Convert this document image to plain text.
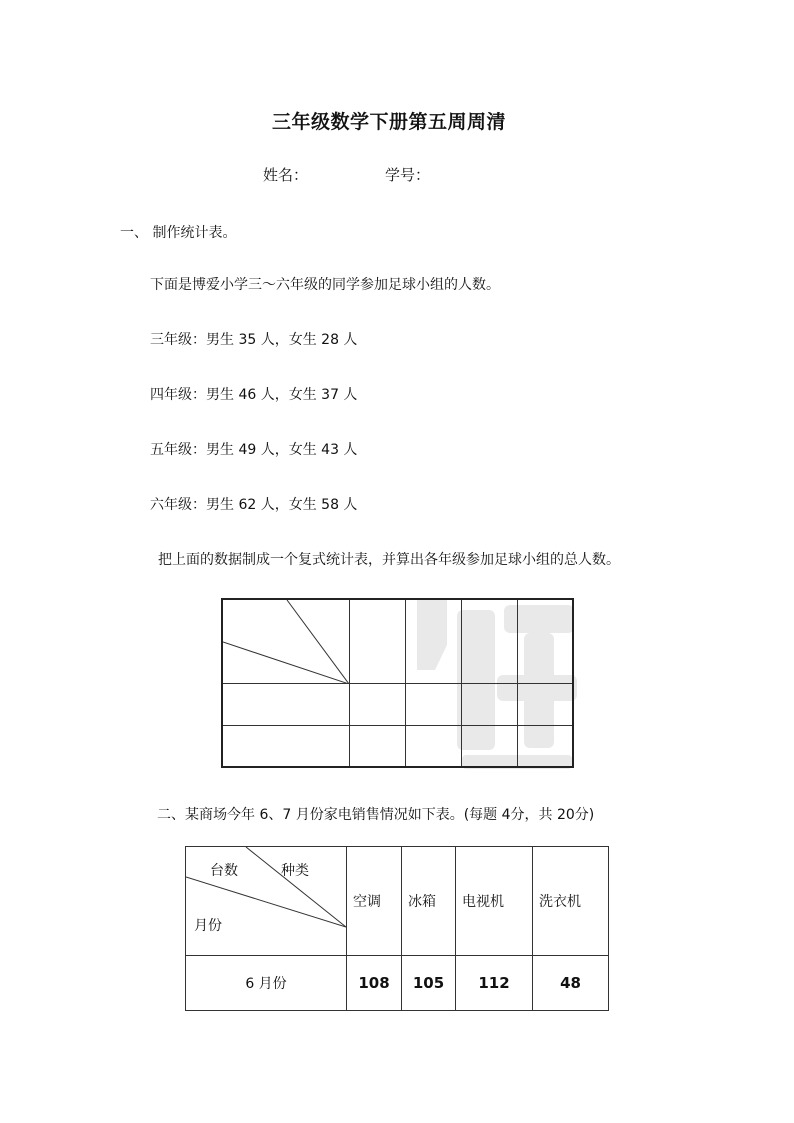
三年级数学下册第五周周清
姓名：	学号：
一、 制作统计表。
下面是博爱小学三～六年级的同学参加足球小组的人数。
三年级：男生 35 人，女生 28 人
四年级：男生 46 人，女生 37 人
五年级：男生 49 人，女生 43 人
六年级：男生 62 人，女生 58 人
把上面的数据制成一个复式统计表，并算出各年级参加足球小组的总人数。

二、某商场今年 6、7 月份家电销售情况如下表。(每题 4分，共 20分)
台数 种类
月份	空调	冰箱	电视机	洗衣机
6 月份	108	105	112	48
